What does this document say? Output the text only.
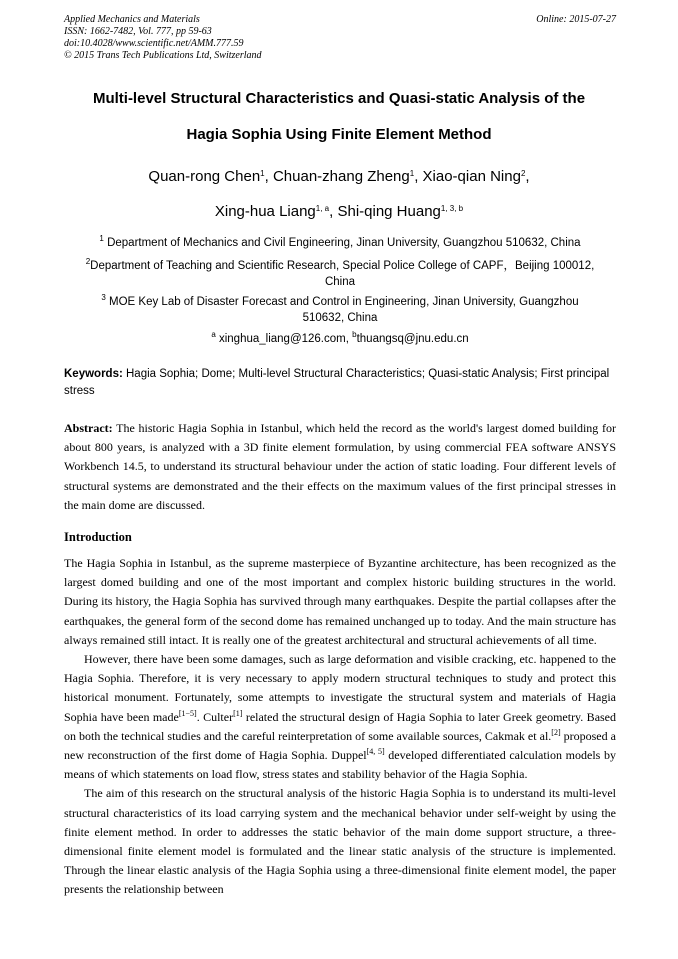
Applied Mechanics and Materials
ISSN: 1662-7482, Vol. 777, pp 59-63
doi:10.4028/www.scientific.net/AMM.777.59
© 2015 Trans Tech Publications Ltd, Switzerland
Online: 2015-07-27
Multi-level Structural Characteristics and Quasi-static Analysis of the
Hagia Sophia Using Finite Element Method
Quan-rong Chen$^1$, Chuan-zhang Zheng$^1$, Xiao-qian Ning$^2$,
Xing-hua Liang$^{1, a}$, Shi-qing Huang$^{1, 3, b}$
$^1$ Department of Mechanics and Civil Engineering, Jinan University, Guangzhou 510632, China
$^2$Department of Teaching and Scientific Research, Special Police College of CAPF，Beijing 100012,
China
$^3$ MOE Key Lab of Disaster Forecast and Control in Engineering, Jinan University, Guangzhou
510632, China
$^a$ xinghua_liang@126.com, $^b$thuangsq@jnu.edu.cn
Keywords: Hagia Sophia; Dome; Multi-level Structural Characteristics; Quasi-static Analysis; First principal stress
Abstract: The historic Hagia Sophia in Istanbul, which held the record as the world's largest domed building for about 800 years, is analyzed with a 3D finite element formulation, by using commercial FEA software ANSYS Workbench 14.5, to understand its structural behaviour under the action of static loading. Four different levels of structural systems are demonstrated and the their effects on the maximum values of the first principal stresses in the main dome are discussed.
Introduction

The Hagia Sophia in Istanbul, as the supreme masterpiece of Byzantine architecture, has been recognized as the largest domed building and one of the most important and complex historic building structures in the world. During its history, the Hagia Sophia has survived through many earthquakes. Despite the partial collapses after the earthquakes, the general form of the second dome has remained unchanged up to today. And the main structure has always remained still intact. It is really one of the greatest architectural and structural achievements of all time.

However, there have been some damages, such as large deformation and visible cracking, etc. happened to the Hagia Sophia. Therefore, it is very necessary to apply modern structural techniques to study and protect this historical monument. Fortunately, some attempts to investigate the structural system and materials of Hagia Sophia have been made[1−5]. Culter[1] related the structural design of Hagia Sophia to later Greek geometry. Based on both the technical studies and the careful reinterpretation of some available sources, Cakmak et al.[2] proposed a new reconstruction of the first dome of Hagia Sophia. Duppel[4, 5] developed differentiated calculation models by means of which statements on load flow, stress states and stability behavior of the Hagia Sophia.

The aim of this research on the structural analysis of the historic Hagia Sophia is to understand its multi-level structural characteristics of its load carrying system and the mechanical behavior under self-weight by using the finite element method. In order to addresses the static behavior of the main dome support structure, a three-dimensional finite element model is formulated and the linear static analysis of the structure is implemented. Through the linear elastic analysis of the Hagia Sophia using a three-dimensional finite element model, the paper presents the relationship between
